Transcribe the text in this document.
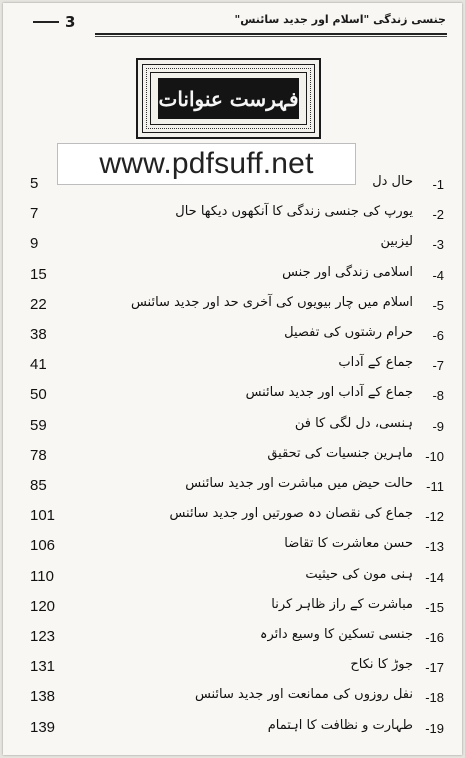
3	جنسی زندگی "اسلام اور جدید سائنس"
فہرست عنوانات
www.pdfsuff.net
5	حال دل -1
7	یورپ کی جنسی زندگی کا آنکھوں دیکھا حال -2
9	لیزبین -3
15	اسلامی زندگی اور جنس -4
22	اسلام میں چار بیویوں کی آخری حد اور جدید سائنس -5
38	حرام رشتوں کی تفصیل -6
41	جماع کے آداب -7
50	جماع کے آداب اور جدید سائنس -8
59	ہنسی، دل لگی کا فن -9
78	ماہرین جنسیات کی تحقیق -10
85	حالت حیض میں مباشرت اور جدید سائنس -11
101	جماع کی نقصان دہ صورتیں اور جدید سائنس -12
106	حسن معاشرت کا تقاضا -13
110	ہنی مون کی حیثیت -14
120	مباشرت کے راز ظاہر کرنا -15
123	جنسی تسکین کا وسیع دائرہ -16
131	جوڑ کا نکاح -17
138	نفل روزوں کی ممانعت اور جدید سائنس -18
139	طہارت و نظافت کا اہتمام -19
